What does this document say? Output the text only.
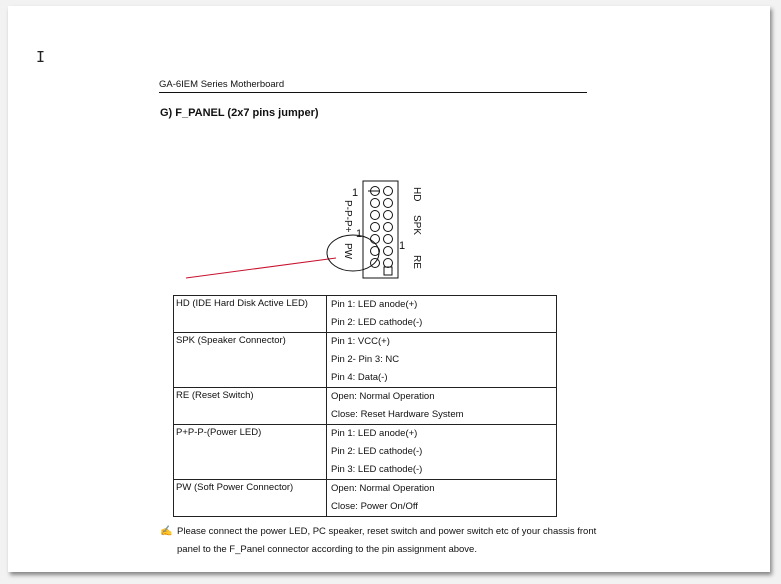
I
GA-6IEM Series Motherboard
G) F_PANEL (2x7 pins jumper)
1
1
1
HD
SPK
RE
P-P-P+
PW
HD (IDE Hard Disk Active LED)	Pin 1: LED anode(+)
Pin 2: LED cathode(-)

SPK (Speaker Connector)	Pin 1: VCC(+)
Pin 2- Pin 3: NC
Pin 4: Data(-)

RE (Reset Switch)	Open: Normal Operation
Close: Reset Hardware System

P+P-P-(Power LED)	Pin 1: LED anode(+)
Pin 2: LED cathode(-)
Pin 3: LED cathode(-)

PW (Soft Power Connector)	Open: Normal Operation
Close: Power On/Off
✍ Please connect the power LED, PC speaker, reset switch and power switch etc of your chassis front
panel to the F_Panel connector according to the pin assignment above.
